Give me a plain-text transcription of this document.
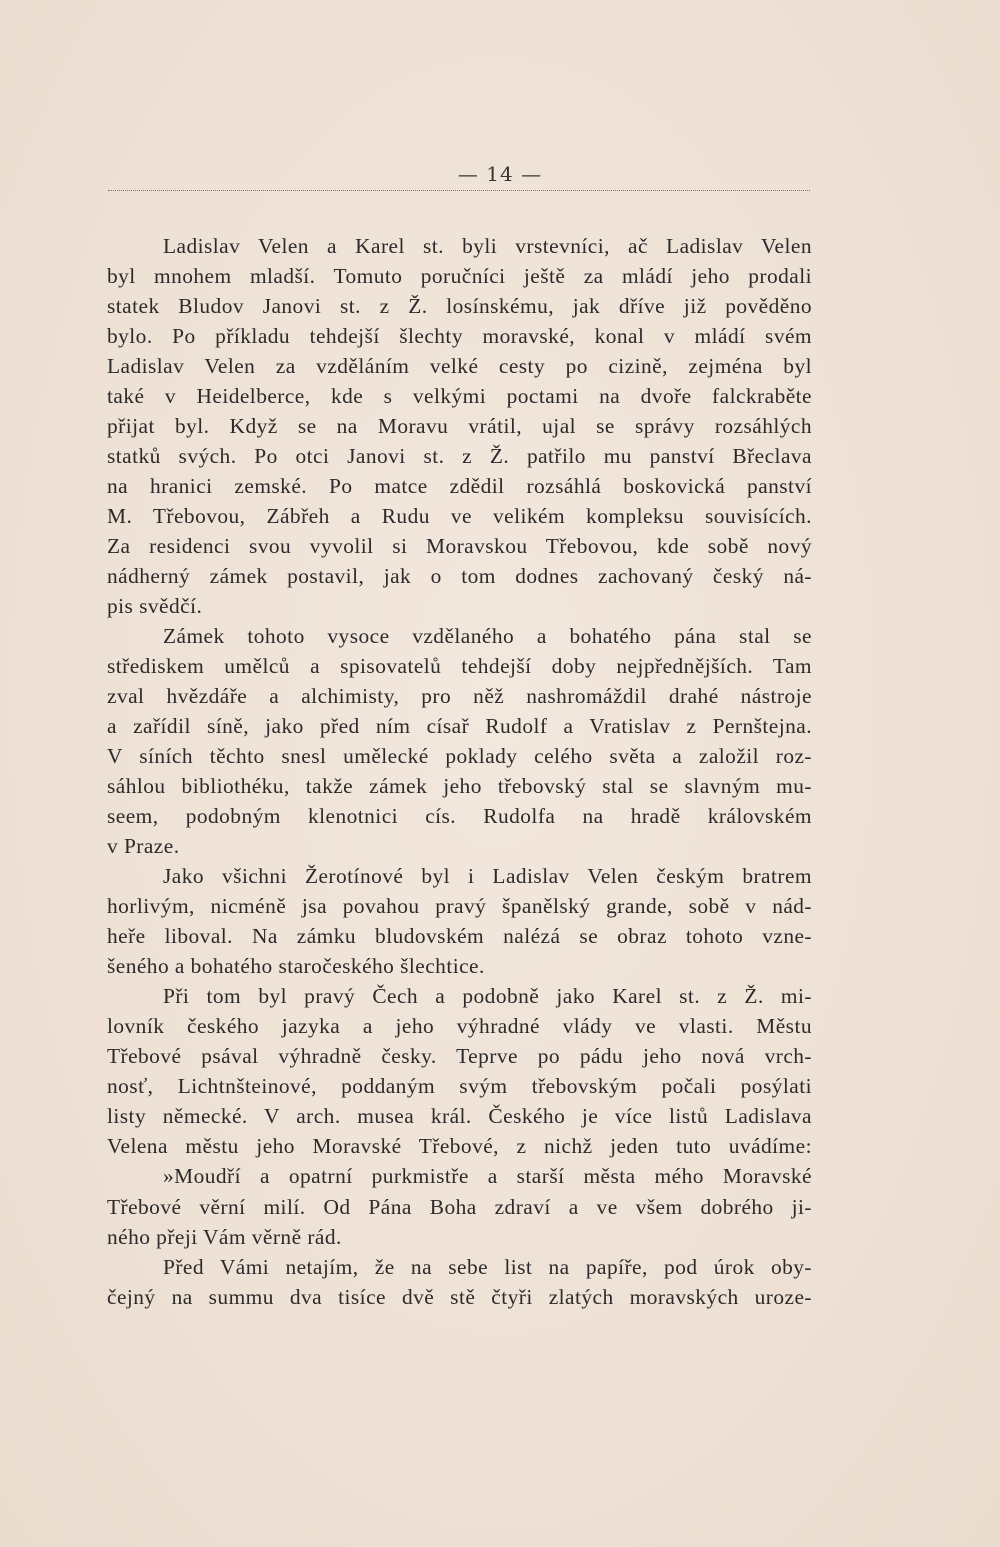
— 14 —
Ladislav Velen a Karel st. byli vrstevníci, ač Ladislav Velen
byl mnohem mladší. Tomuto poručníci ještě za mládí jeho prodali
statek Bludov Janovi st. z Ž. losínskému, jak dříve již pověděno
bylo. Po příkladu tehdejší šlechty moravské, konal v mládí svém
Ladislav Velen za vzděláním velké cesty po cizině, zejména byl
také v Heidelberce, kde s velkými poctami na dvoře falckraběte
přijat byl. Když se na Moravu vrátil, ujal se správy rozsáhlých
statků svých. Po otci Janovi st. z Ž. patřilo mu panství Břeclava
na hranici zemské. Po matce zdědil rozsáhlá boskovická panství
M. Třebovou, Zábřeh a Rudu ve velikém kompleksu souvisících.
Za residenci svou vyvolil si Moravskou Třebovou, kde sobě nový
nádherný zámek postavil, jak o tom dodnes zachovaný český ná-
pis svědčí.
Zámek tohoto vysoce vzdělaného a bohatého pána stal se
střediskem umělců a spisovatelů tehdejší doby nejpřednějších. Tam
zval hvězdáře a alchimisty, pro něž nashromáždil drahé nástroje
a zařídil síně, jako před ním císař Rudolf a Vratislav z Pernštejna.
V síních těchto snesl umělecké poklady celého světa a založil roz-
sáhlou bibliothéku, takže zámek jeho třebovský stal se slavným mu-
seem, podobným klenotnici cís. Rudolfa na hradě královském
v Praze.
Jako všichni Žerotínové byl i Ladislav Velen českým bratrem
horlivým, nicméně jsa povahou pravý španělský grande, sobě v nád-
heře liboval. Na zámku bludovském nalézá se obraz tohoto vzne-
šeného a bohatého staročeského šlechtice.
Při tom byl pravý Čech a podobně jako Karel st. z Ž. mi-
lovník českého jazyka a jeho výhradné vlády ve vlasti. Městu
Třebové psával výhradně česky. Teprve po pádu jeho nová vrch-
nosť, Lichtnšteinové, poddaným svým třebovským počali posýlati
listy německé. V arch. musea král. Českého je více listů Ladislava
Velena městu jeho Moravské Třebové, z nichž jeden tuto uvádíme:
»Moudří a opatrní purkmistře a starší města mého Moravské
Třebové věrní milí. Od Pána Boha zdraví a ve všem dobrého ji-
ného přeji Vám věrně rád.
Před Vámi netajím, že na sebe list na papíře, pod úrok oby-
čejný na summu dva tisíce dvě stě čtyři zlatých moravských uroze-
